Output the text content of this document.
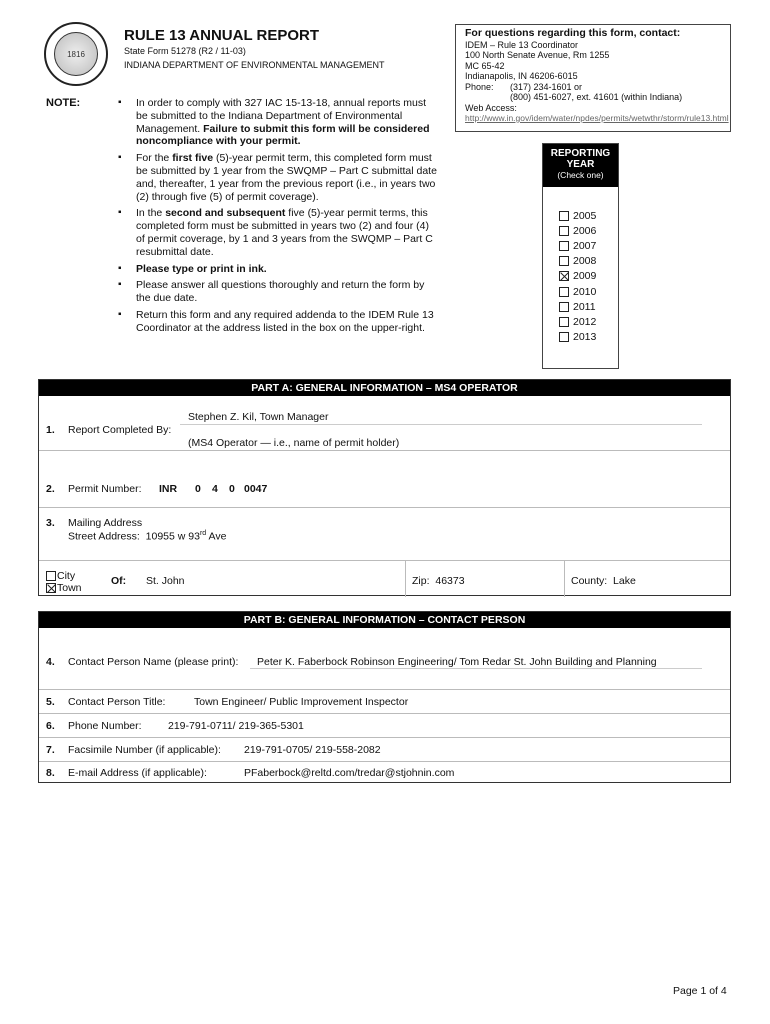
1816
RULE 13 ANNUAL REPORT
State Form 51278 (R2 / 11-03)
INDIANA DEPARTMENT OF ENVIRONMENTAL MANAGEMENT
For questions regarding this form, contact:
IDEM – Rule 13 Coordinator
100 North Senate Avenue, Rm 1255
MC 65-42
Indianapolis, IN 46206-6015
Phone: (317) 234-1601 or
(800) 451-6027, ext. 41601 (within Indiana)
Web Access:
http://www.in.gov/idem/water/npdes/permits/wetwthr/storm/rule13.html
NOTE:
▪	In order to comply with 327 IAC 15-13-18, annual reports must be submitted to the Indiana Department of Environmental Management. Failure to submit this form will be considered noncompliance with your permit.
▪ For the first five (5)-year permit term, this completed form must be submitted by 1 year from the SWQMP – Part C submittal date and, thereafter, 1 year from the previous report (i.e., in years two (2) through five (5) of permit coverage).
▪ In the second and subsequent five (5)-year permit terms, this completed form must be submitted in years two (2) and four (4) of permit coverage, by 1 and 3 years from the SWQMP – Part C resubmittal date.
▪ Please type or print in ink.
▪ Please answer all questions thoroughly and return the form by the due date.
▪ Return this form and any required addenda to the IDEM Rule 13 Coordinator at the address listed in the box on the upper-right.
REPORTING
YEAR
(Check one)
2005
2006
2007
2008
2009
2010
2011
2012
2013
PART A: GENERAL INFORMATION – MS4 OPERATOR
1. Report Completed By:
Stephen Z. Kil, Town Manager
(MS4 Operator — i.e., name of permit holder)
2. Permit Number: INR 0 4 0 0047
3. Mailing Address
Street Address: 10955 w 93rd Ave
City
Town
Of: St. John	Zip: 46373	County: Lake
PART B: GENERAL INFORMATION – CONTACT PERSON
4. Contact Person Name (please print):	Peter K. Faberbock Robinson Engineering/ Tom Redar St. John Building and Planning
5. Contact Person Title:	Town Engineer/ Public Improvement Inspector
6. Phone Number:	219-791-0711/ 219-365-5301
7. Facsimile Number (if applicable): 219-791-0705/ 219-558-2082
8. E-mail Address (if applicable):	PFaberbock@reltd.com/tredar@stjohnin.com
Page 1 of 4
